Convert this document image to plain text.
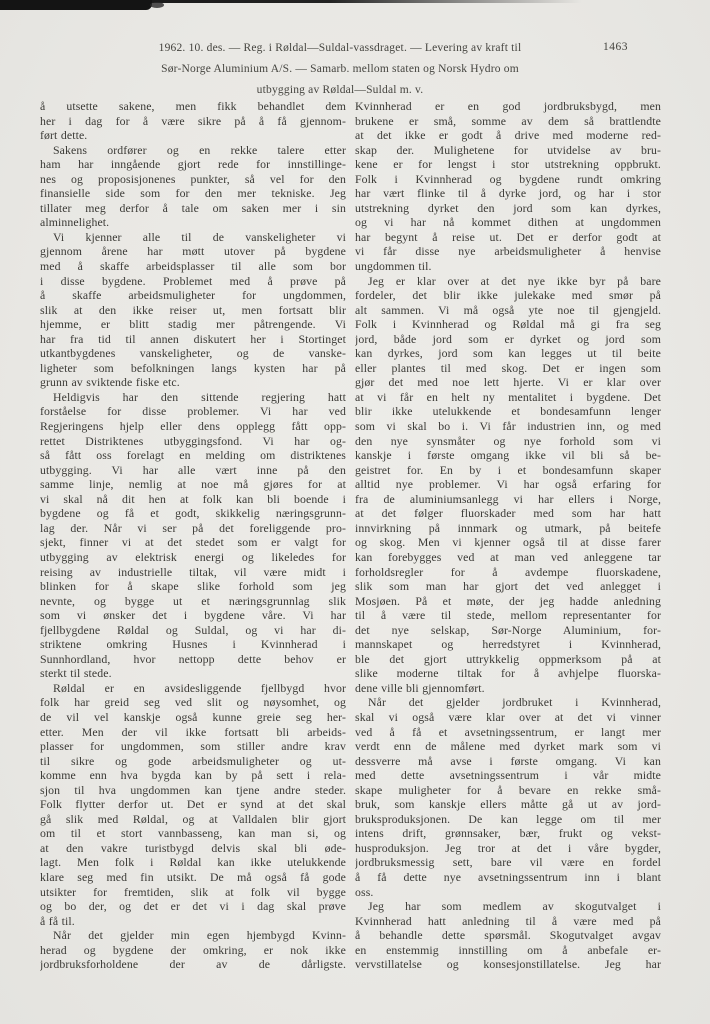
1962. 10. des. — Reg. i Røldal—Suldal-vassdraget. — Levering av kraft til
Sør-Norge Aluminium A/S. — Samarb. mellom staten og Norsk Hydro om
utbygging av Røldal—Suldal m. v.
1463
å utsette sakene, men fikk behandlet dem
her i dag for å være sikre på å få gjennom-
ført dette.
Sakens ordfører og en rekke talere etter
ham har inngående gjort rede for innstillinge-
nes og proposisjonenes punkter, så vel for den
finansielle side som for den mer tekniske. Jeg
tillater meg derfor å tale om saken mer i sin
alminnelighet.
Vi kjenner alle til de vanskeligheter vi
gjennom årene har møtt utover på bygdene
med å skaffe arbeidsplasser til alle som bor
i disse bygdene. Problemet med å prøve på
å skaffe arbeidsmuligheter for ungdommen,
slik at den ikke reiser ut, men fortsatt blir
hjemme, er blitt stadig mer påtrengende. Vi
har fra tid til annen diskutert her i Stortinget
utkantbygdenes vanskeligheter, og de vanske-
ligheter som befolkningen langs kysten har på
grunn av sviktende fiske etc.
Heldigvis har den sittende regjering hatt
forståelse for disse problemer. Vi har ved
Regjeringens hjelp eller dens opplegg fått opp-
rettet Distriktenes utbyggingsfond. Vi har og-
så fått oss forelagt en melding om distriktenes
utbygging. Vi har alle vært inne på den
samme linje, nemlig at noe må gjøres for at
vi skal nå dit hen at folk kan bli boende i
bygdene og få et godt, skikkelig næringsgrunn-
lag der. Når vi ser på det foreliggende pro-
sjekt, finner vi at det stedet som er valgt for
utbygging av elektrisk energi og likeledes for
reising av industrielle tiltak, vil være midt i
blinken for å skape slike forhold som jeg
nevnte, og bygge ut et næringsgrunnlag slik
som vi ønsker det i bygdene våre. Vi har
fjellbygdene Røldal og Suldal, og vi har di-
striktene omkring Husnes i Kvinnherad i
Sunnhordland, hvor nettopp dette behov er
sterkt til stede.
Røldal er en avsidesliggende fjellbygd hvor
folk har greid seg ved slit og nøysomhet, og
de vil vel kanskje også kunne greie seg her-
etter. Men der vil ikke fortsatt bli arbeids-
plasser for ungdommen, som stiller andre krav
til sikre og gode arbeidsmuligheter og ut-
komme enn hva bygda kan by på sett i rela-
sjon til hva ungdommen kan tjene andre steder.
Folk flytter derfor ut. Det er synd at det skal
gå slik med Røldal, og at Valldalen blir gjort
om til et stort vannbasseng, kan man si, og
at den vakre turistbygd delvis skal bli øde-
lagt. Men folk i Røldal kan ikke utelukkende
klare seg med fin utsikt. De må også få gode
utsikter for fremtiden, slik at folk vil bygge
og bo der, og det er det vi i dag skal prøve
å få til.
Når det gjelder min egen hjembygd Kvinn-
herad og bygdene der omkring, er nok ikke
jordbruksforholdene der av de dårligste.
Kvinnherad er en god jordbruksbygd, men
brukene er små, somme av dem så brattlendte
at det ikke er godt å drive med moderne red-
skap der. Mulighetene for utvidelse av bru-
kene er for lengst i stor utstrekning oppbrukt.
Folk i Kvinnherad og bygdene rundt omkring
har vært flinke til å dyrke jord, og har i stor
utstrekning dyrket den jord som kan dyrkes,
og vi har nå kommet dithen at ungdommen
har begynt å reise ut. Det er derfor godt at
vi får disse nye arbeidsmuligheter å henvise
ungdommen til.
Jeg er klar over at det nye ikke byr på bare
fordeler, det blir ikke julekake med smør på
alt sammen. Vi må også yte noe til gjengjeld.
Folk i Kvinnherad og Røldal må gi fra seg
jord, både jord som er dyrket og jord som
kan dyrkes, jord som kan legges ut til beite
eller plantes til med skog. Det er ingen som
gjør det med noe lett hjerte. Vi er klar over
at vi får en helt ny mentalitet i bygdene. Det
blir ikke utelukkende et bondesamfunn lenger
som vi skal bo i. Vi får industrien inn, og med
den nye synsmåter og nye forhold som vi
kanskje i første omgang ikke vil bli så be-
geistret for. En by i et bondesamfunn skaper
alltid nye problemer. Vi har også erfaring for
fra de aluminiumsanlegg vi har ellers i Norge,
at det følger fluorskader med som har hatt
innvirkning på innmark og utmark, på beitefe
og skog. Men vi kjenner også til at disse farer
kan forebygges ved at man ved anleggene tar
forholdsregler for å avdempe fluorskadene,
slik som man har gjort det ved anlegget i
Mosjøen. På et møte, der jeg hadde anledning
til å være til stede, mellom representanter for
det nye selskap, Sør-Norge Aluminium, for-
mannskapet og herredstyret i Kvinnherad,
ble det gjort uttrykkelig oppmerksom på at
slike moderne tiltak for å avhjelpe fluorska-
dene ville bli gjennomført.
Når det gjelder jordbruket i Kvinnherad,
skal vi også være klar over at det vi vinner
ved å få et avsetningssentrum, er langt mer
verdt enn de målene med dyrket mark som vi
dessverre må avse i første omgang. Vi kan
med dette avsetningssentrum i vår midte
skape muligheter for å bevare en rekke små-
bruk, som kanskje ellers måtte gå ut av jord-
bruksproduksjonen. De kan legge om til mer
intens drift, grønnsaker, bær, frukt og vekst-
husproduksjon. Jeg tror at det i våre bygder,
jordbruksmessig sett, bare vil være en fordel
å få dette nye avsetningssentrum inn i blant
oss.
Jeg har som medlem av skogutvalget i
Kvinnherad hatt anledning til å være med på
å behandle dette spørsmål. Skogutvalget avgav
en enstemmig innstilling om å anbefale er-
vervstillatelse og konsesjonstillatelse. Jeg har
